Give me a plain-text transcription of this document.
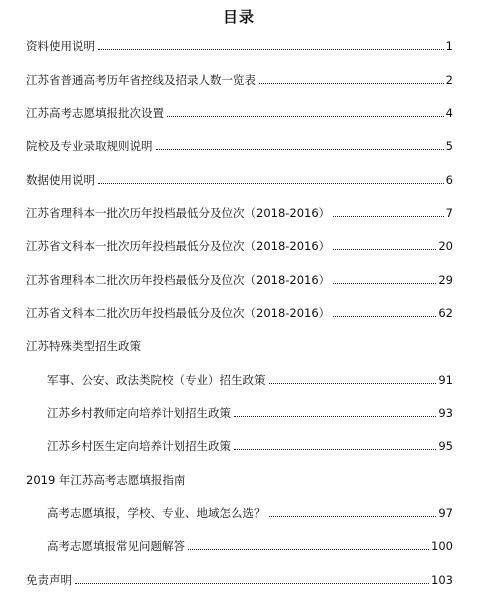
目录
资料使用说明	1
江苏省普通高考历年省控线及招录人数一览表	2
江苏高考志愿填报批次设置	4
院校及专业录取规则说明	5
数据使用说明	6
江苏省理科本一批次历年投档最低分及位次（2018-2016）	7
江苏省文科本一批次历年投档最低分及位次（2018-2016）	20
江苏省理科本二批次历年投档最低分及位次（2018-2016）	29
江苏省文科本二批次历年投档最低分及位次（2018-2016）	62
江苏特殊类型招生政策
军事、公安、政法类院校（专业）招生政策	91
江苏乡村教师定向培养计划招生政策	93
江苏乡村医生定向培养计划招生政策	95
2019 年江苏高考志愿填报指南
高考志愿填报，学校、专业、地域怎么选？	97
高考志愿填报常见问题解答	100
免责声明	103
